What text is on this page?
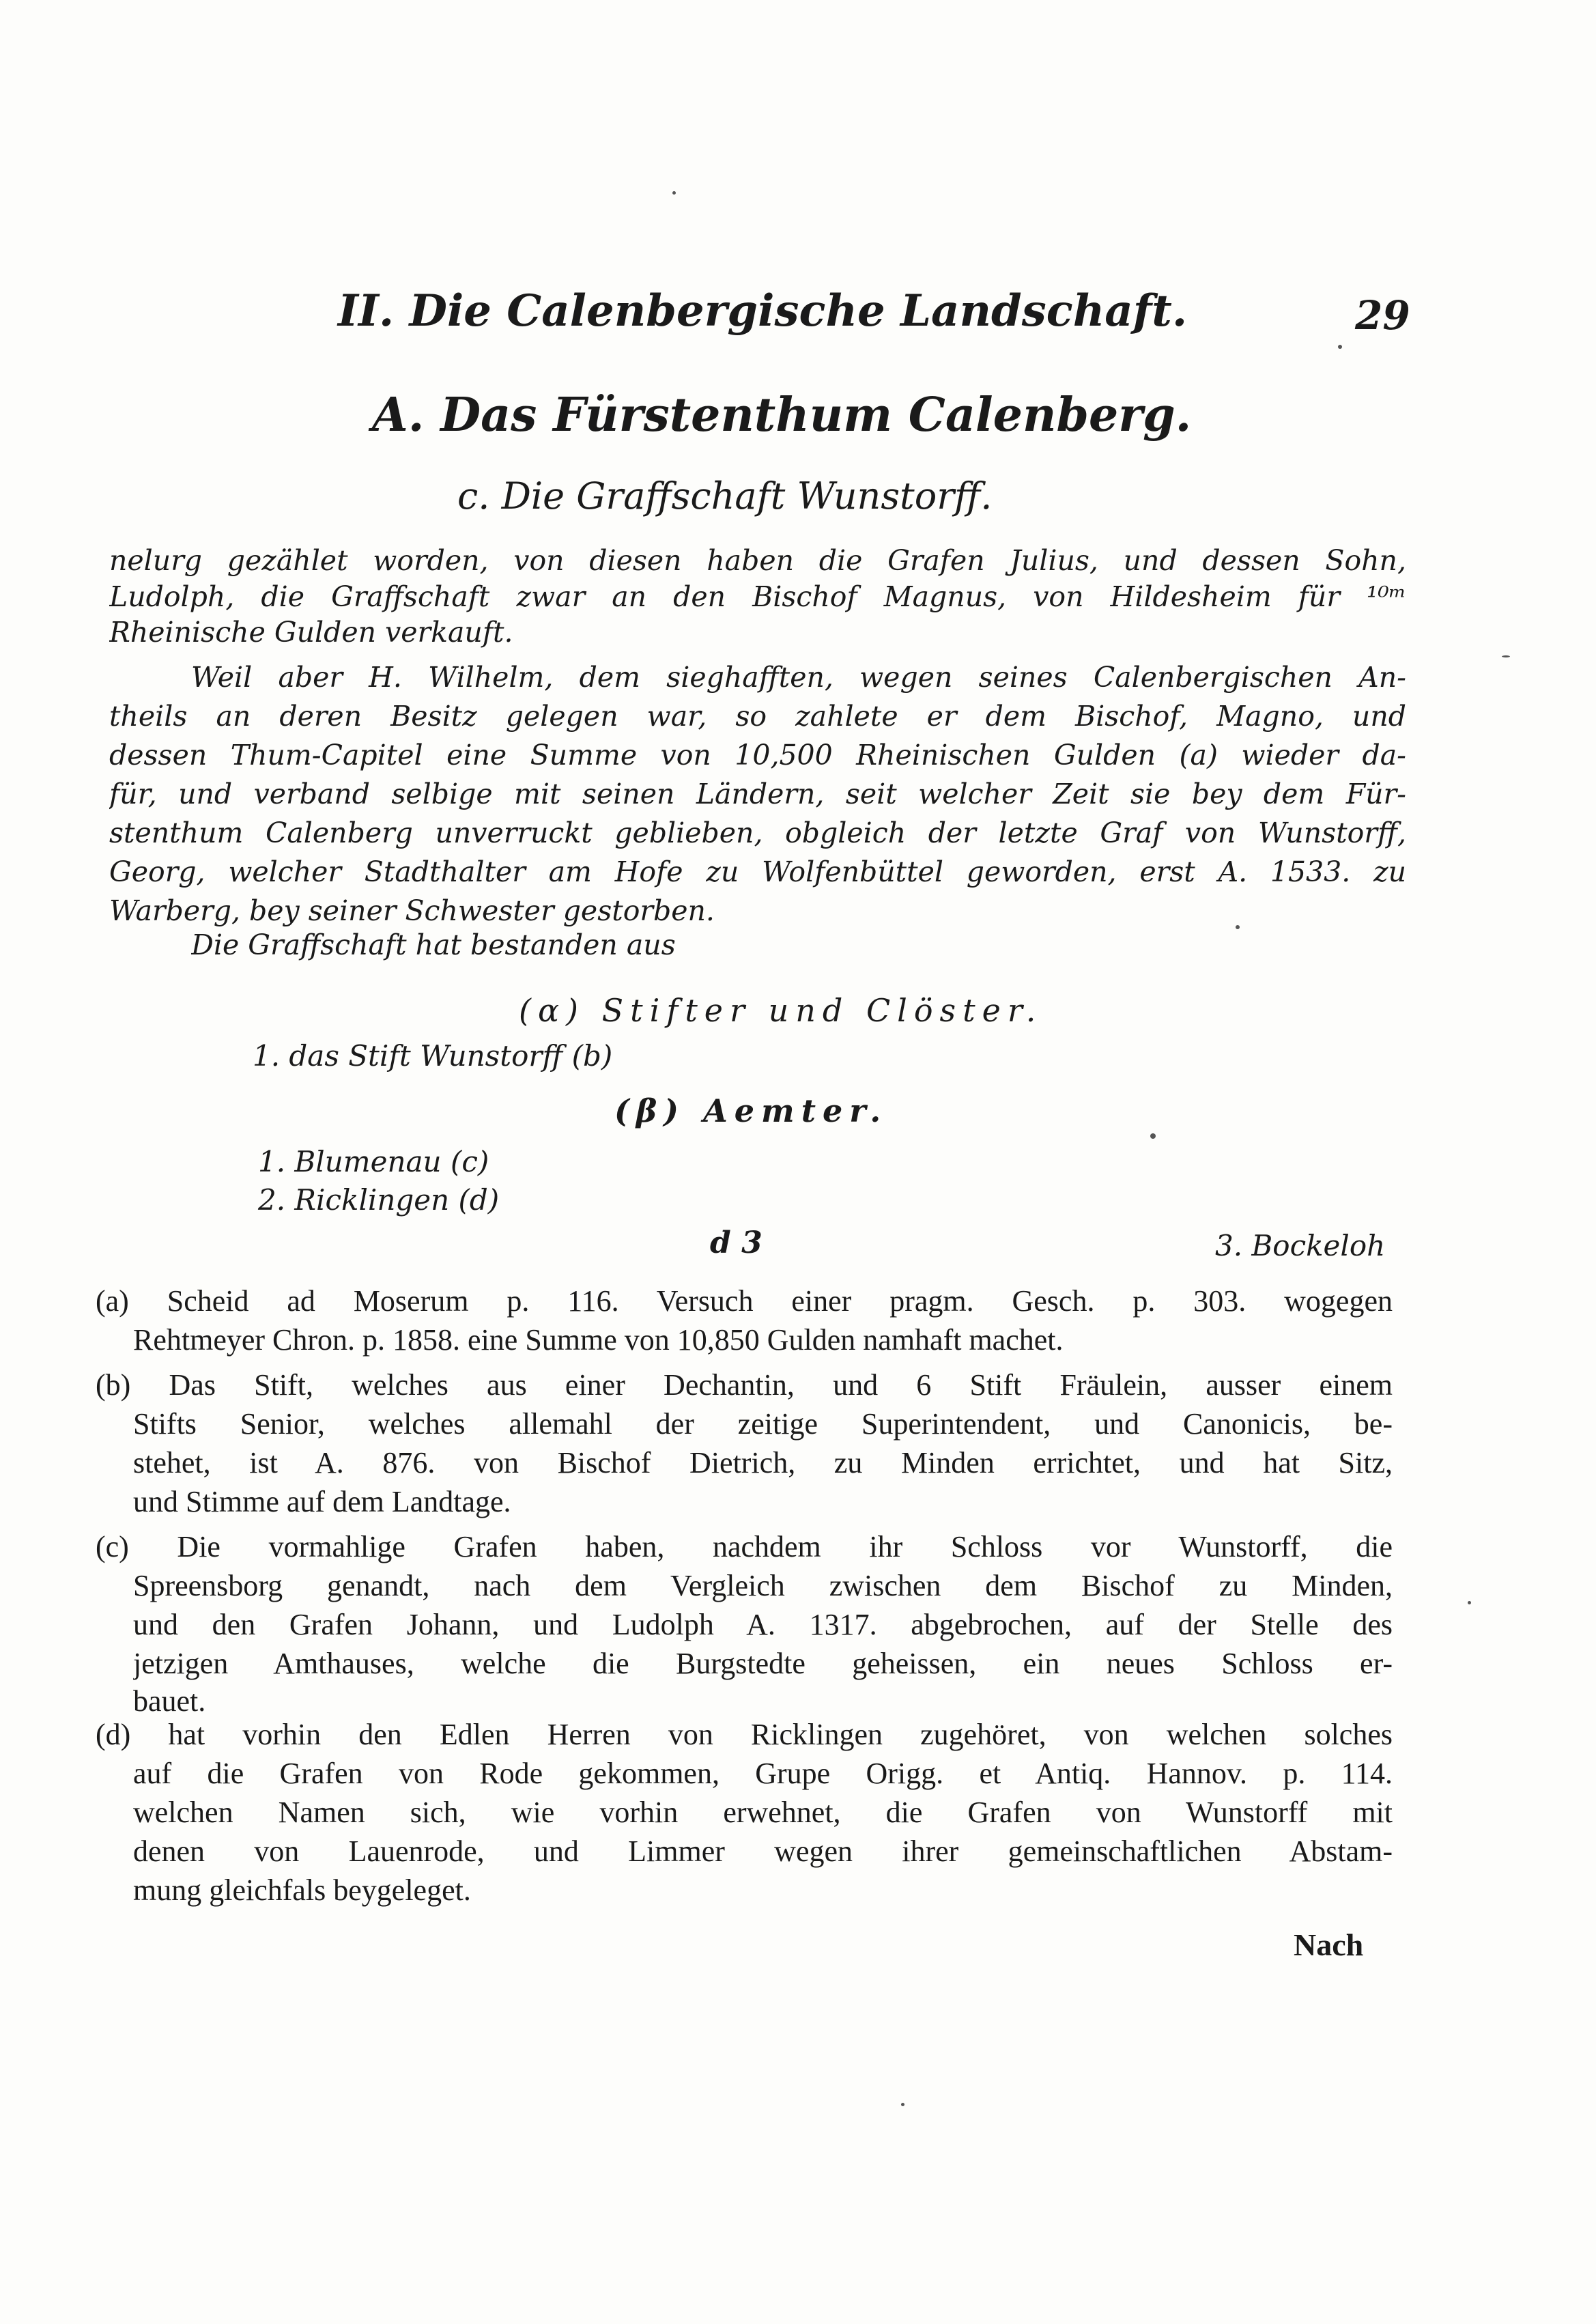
II. Die Calenbergische Landschaft.	29
A. Das Fürstenthum Calenberg.
c. Die Graffschaft Wunstorff.
nelurg gezählet worden, von diesen haben die Grafen Julius, und dessen Sohn,
Ludolph, die Graffschaft zwar an den Bischof Magnus, von Hildesheim für ¹⁰ᵐ
Rheinische Gulden verkauft.
Weil aber H. Wilhelm, dem sieghafften, wegen seines Calenbergischen An-
theils an deren Besitz gelegen war, so zahlete er dem Bischof, Magno, und
dessen Thum-Capitel eine Summe von 10,500 Rheinischen Gulden (a) wieder da-
für, und verband selbige mit seinen Ländern, seit welcher Zeit sie bey dem Für-
stenthum Calenberg unverruckt geblieben, obgleich der letzte Graf von Wunstorff,
Georg, welcher Stadthalter am Hofe zu Wolfenbüttel geworden, erst A. 1533. zu
Warberg, bey seiner Schwester gestorben.
Die Graffschaft hat bestanden aus
(α) Stifter und Clöster.
1. das Stift Wunstorff (b)
(β) Aemter.
1. Blumenau (c)
2. Ricklingen (d)
d 3	3. Bockeloh
(a) Scheid ad Moserum p. 116. Versuch einer pragm. Gesch. p. 303. wogegen
Rehtmeyer Chron. p. 1858. eine Summe von 10,850 Gulden namhaft machet.
(b) Das Stift, welches aus einer Dechantin, und 6 Stift Fräulein, ausser einem
Stifts Senior, welches allemahl der zeitige Superintendent, und Canonicis, be-
stehet, ist A. 876. von Bischof Dietrich, zu Minden errichtet, und hat Sitz,
und Stimme auf dem Landtage.
(c) Die vormahlige Grafen haben, nachdem ihr Schloss vor Wunstorff, die
Spreensborg genandt, nach dem Vergleich zwischen dem Bischof zu Minden,
und den Grafen Johann, und Ludolph A. 1317. abgebrochen, auf der Stelle des
jetzigen Amthauses, welche die Burgstedte geheissen, ein neues Schloss er-
bauet.
(d) hat vorhin den Edlen Herren von Ricklingen zugehöret, von welchen solches
auf die Grafen von Rode gekommen, Grupe Origg. et Antiq. Hannov. p. 114.
welchen Namen sich, wie vorhin erwehnet, die Grafen von Wunstorff mit
denen von Lauenrode, und Limmer wegen ihrer gemeinschaftlichen Abstam-
mung gleichfals beygeleget.
Nach
